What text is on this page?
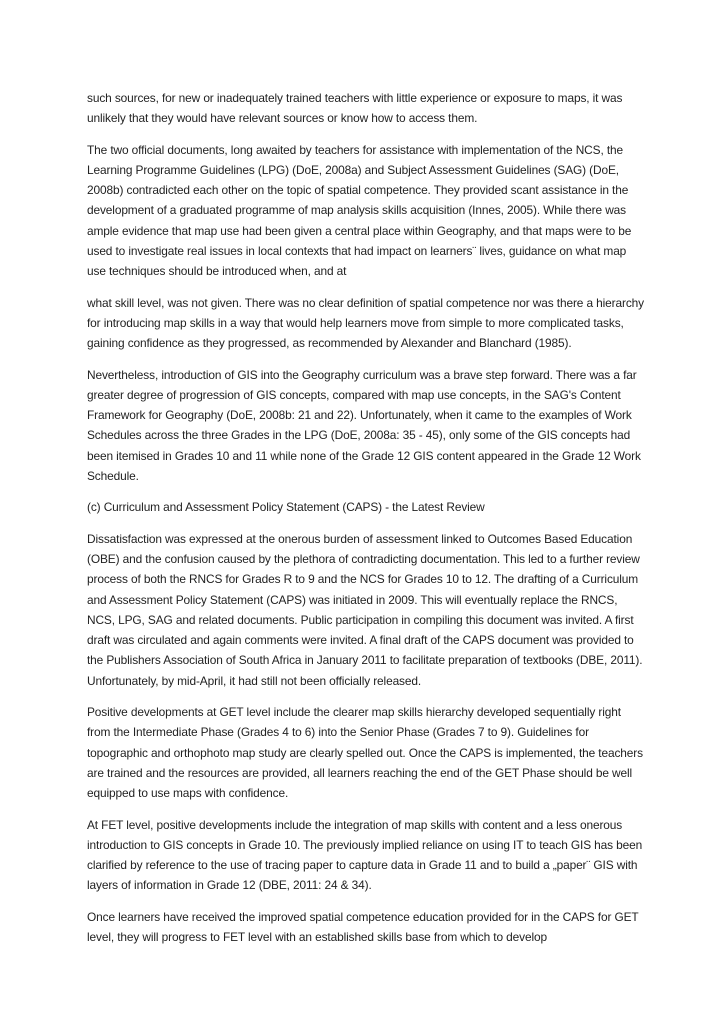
such sources, for new or inadequately trained teachers with little experience or exposure to maps, it was unlikely that they would have relevant sources or know how to access them.

The two official documents, long awaited by teachers for assistance with implementation of the NCS, the Learning Programme Guidelines (LPG) (DoE, 2008a) and Subject Assessment Guidelines (SAG) (DoE, 2008b) contradicted each other on the topic of spatial competence. They provided scant assistance in the development of a graduated programme of map analysis skills acquisition (Innes, 2005). While there was ample evidence that map use had been given a central place within Geography, and that maps were to be used to investigate real issues in local contexts that had impact on learners¨ lives, guidance on what map use techniques should be introduced when, and at

what skill level, was not given. There was no clear definition of spatial competence nor was there a hierarchy for introducing map skills in a way that would help learners move from simple to more complicated tasks, gaining confidence as they progressed, as recommended by Alexander and Blanchard (1985).

Nevertheless, introduction of GIS into the Geography curriculum was a brave step forward. There was a far greater degree of progression of GIS concepts, compared with map use concepts, in the SAG's Content Framework for Geography (DoE, 2008b: 21 and 22). Unfortunately, when it came to the examples of Work Schedules across the three Grades in the LPG (DoE, 2008a: 35 - 45), only some of the GIS concepts had been itemised in Grades 10 and 11 while none of the Grade 12 GIS content appeared in the Grade 12 Work Schedule.

(c) Curriculum and Assessment Policy Statement (CAPS) - the Latest Review

Dissatisfaction was expressed at the onerous burden of assessment linked to Outcomes Based Education (OBE) and the confusion caused by the plethora of contradicting documentation. This led to a further review process of both the RNCS for Grades R to 9 and the NCS for Grades 10 to 12. The drafting of a Curriculum and Assessment Policy Statement (CAPS) was initiated in 2009. This will eventually replace the RNCS, NCS, LPG, SAG and related documents. Public participation in compiling this document was invited. A first draft was circulated and again comments were invited. A final draft of the CAPS document was provided to the Publishers Association of South Africa in January 2011 to facilitate preparation of textbooks (DBE, 2011). Unfortunately, by mid-April, it had still not been officially released.

Positive developments at GET level include the clearer map skills hierarchy developed sequentially right from the Intermediate Phase (Grades 4 to 6) into the Senior Phase (Grades 7 to 9). Guidelines for topographic and orthophoto map study are clearly spelled out. Once the CAPS is implemented, the teachers are trained and the resources are provided, all learners reaching the end of the GET Phase should be well equipped to use maps with confidence.

At FET level, positive developments include the integration of map skills with content and a less onerous introduction to GIS concepts in Grade 10. The previously implied reliance on using IT to teach GIS has been clarified by reference to the use of tracing paper to capture data in Grade 11 and to build a „paper¨ GIS with layers of information in Grade 12 (DBE, 2011: 24 & 34).

Once learners have received the improved spatial competence education provided for in the CAPS for GET level, they will progress to FET level with an established skills base from which to develop
